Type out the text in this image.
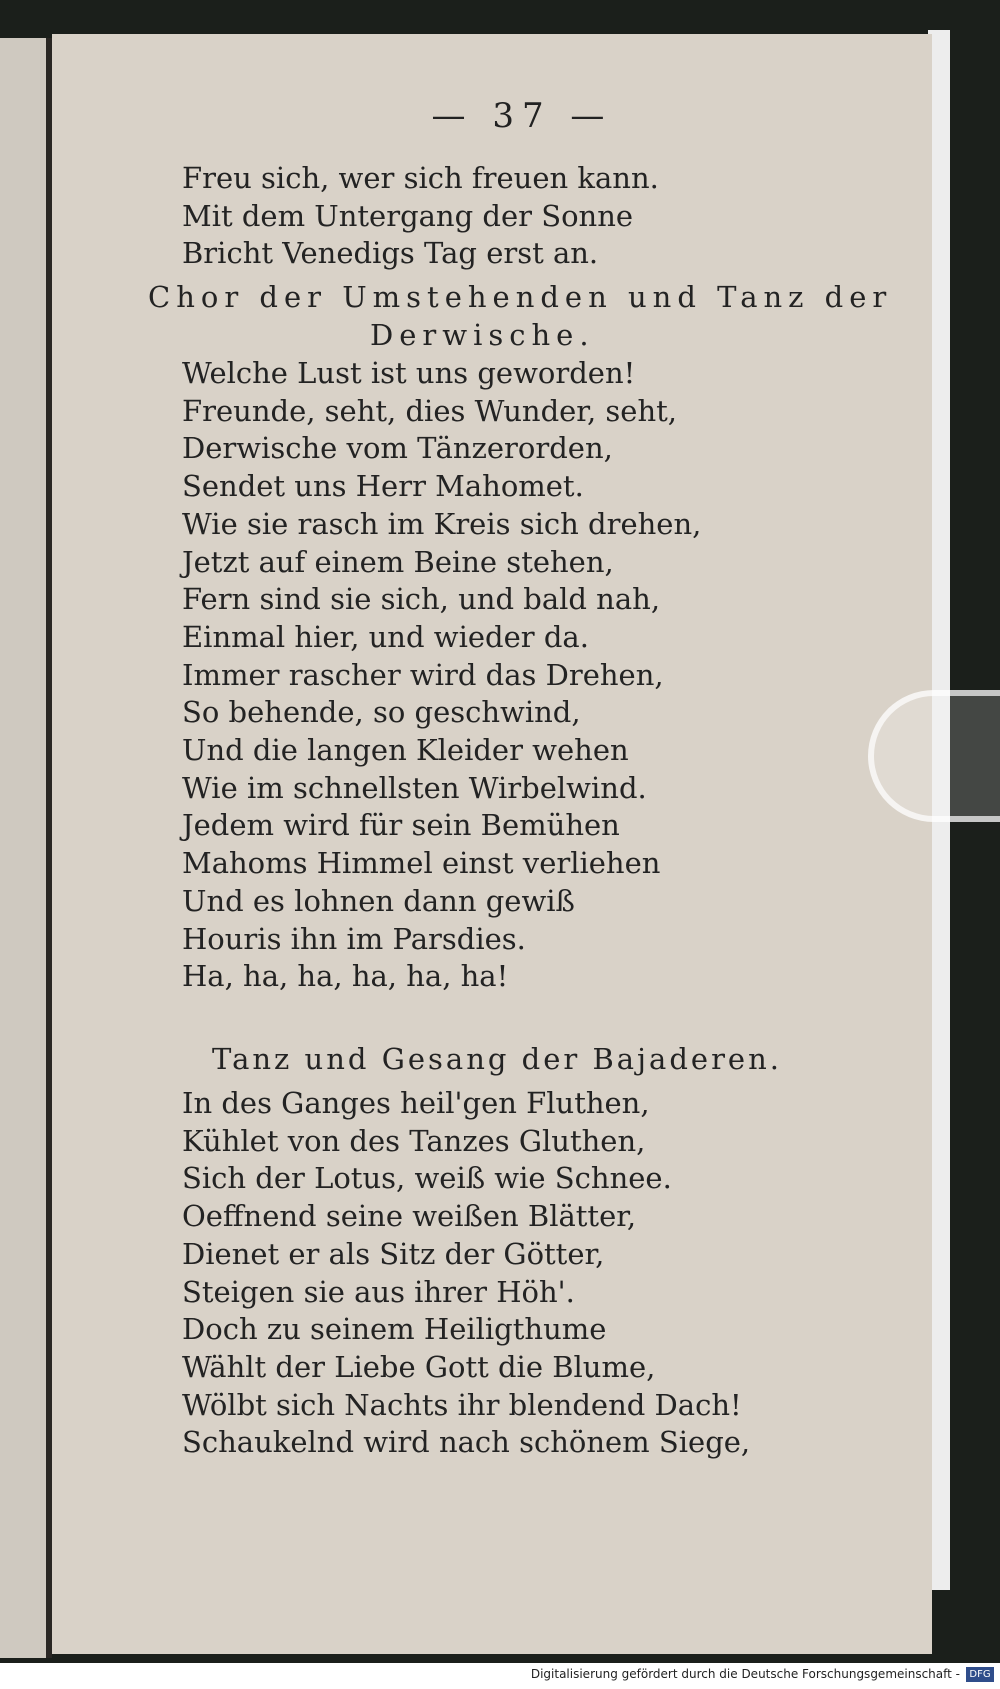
— 37 —
Freu sich, wer sich freuen kann.
Mit dem Untergang der Sonne
Bricht Venedigs Tag erst an.
Chor der Umstehenden und Tanz der
Derwische.
Welche Lust ist uns geworden!
Freunde, seht, dies Wunder, seht,
Derwische vom Tänzerorden,
Sendet uns Herr Mahomet.
Wie sie rasch im Kreis sich drehen,
Jetzt auf einem Beine stehen,
Fern sind sie sich, und bald nah,
Einmal hier, und wieder da.
Immer rascher wird das Drehen,
So behende, so geschwind,
Und die langen Kleider wehen
Wie im schnellsten Wirbelwind.
Jedem wird für sein Bemühen
Mahoms Himmel einst verliehen
Und es lohnen dann gewiß
Houris ihn im Parsdies.
Ha, ha, ha, ha, ha, ha!
Tanz und Gesang der Bajaderen.
In des Ganges heil'gen Fluthen,
Kühlet von des Tanzes Gluthen,
Sich der Lotus, weiß wie Schnee.
Oeffnend seine weißen Blätter,
Dienet er als Sitz der Götter,
Steigen sie aus ihrer Höh'.
Doch zu seinem Heiligthume
Wählt der Liebe Gott die Blume,
Wölbt sich Nachts ihr blendend Dach!
Schaukelnd wird nach schönem Siege,
Digitalisierung gefördert durch die Deutsche Forschungsgemeinschaft - DFG
